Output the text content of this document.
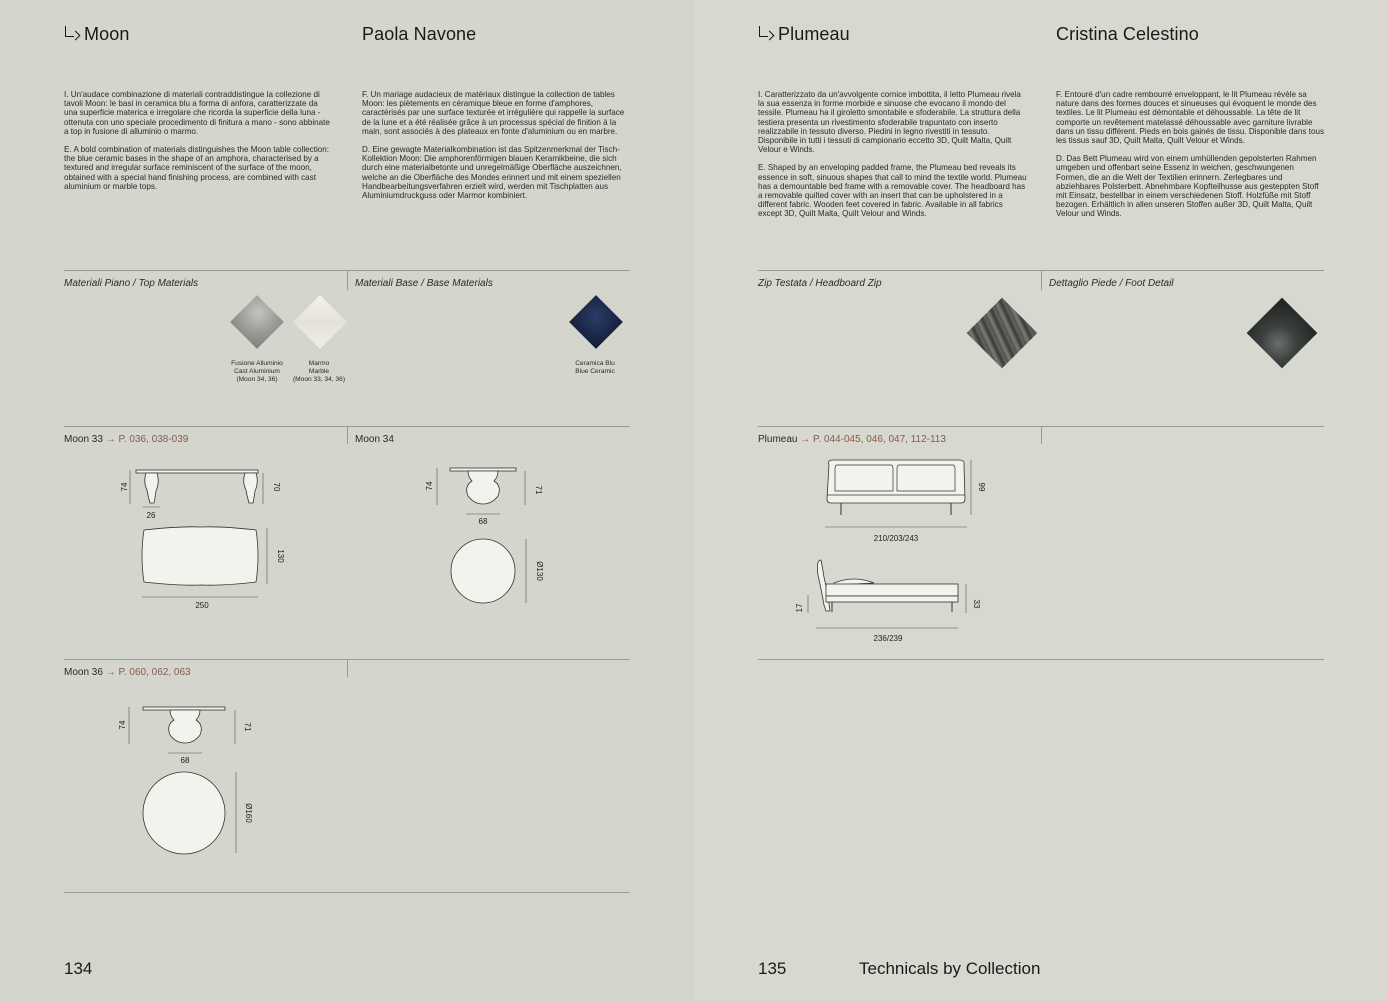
Moon	Paola Navone

I. Un'audace combinazione di materiali contraddistingue la collezione di tavoli Moon: le basi in ceramica blu a forma di anfora, caratterizzate da una superficie materica e irregolare che ricorda la superficie della luna - ottenuta con uno speciale procedimento di finitura a mano - sono abbinate a top in fusione di alluminio o marmo.

E. A bold combination of materials distinguishes the Moon table collection: the blue ceramic bases in the shape of an amphora, characterised by a textured and irregular surface reminiscent of the surface of the moon, obtained with a special hand finishing process, are combined with cast aluminium or marble tops.

F. Un mariage audacieux de matériaux distingue la collection de tables Moon: les piètements en céramique bleue en forme d'amphores, caractérisés par une surface texturée et irrégulière qui rappelle la surface de la lune et a été réalisée grâce à un processus spécial de finition à la main, sont associés à des plateaux en fonte d'aluminium ou en marbre.

D. Eine gewagte Materialkombination ist das Spitzenmerkmal der Tisch-Kollektion Moon: Die amphorenförmigen blauen Keramikbeine, die sich durch eine materialbetonte und unregelmäßige Oberfläche auszeichnen, welche an die Oberfläche des Mondes erinnert und mit einem speziellen Handbearbeitungsverfahren erzielt wird, werden mit Tischplatten aus Aluminiumdruckguss oder Marmor kombiniert.

Materiali Piano / Top Materials	Materiali Base / Base Materials
Fusione Alluminio
Cast Aluminium
(Moon 34, 36)
Marmo
Marble
(Moon 33, 34, 36)
Ceramica Blu
Blue Ceramic
Moon 33 → P. 036, 038-039	Moon 34
74	70
26
130
250
74	71
68
Ø130
Moon 36 → P. 060, 062, 063
74	71
68
Ø160
134
Plumeau	Cristina Celestino

I. Caratterizzato da un'avvolgente cornice imbottita, il letto Plumeau rivela la sua essenza in forme morbide e sinuose che evocano il mondo del tessile. Plumeau ha il giroletto smontabile e sfoderabile. La struttura della testiera presenta un rivestimento sfoderabile trapuntato con inserto realizzabile in tessuto diverso. Piedini in legno rivestiti in tessuto. Disponibile in tutti i tessuti di campionario eccetto 3D, Quilt Malta, Quilt Velour e Winds.

E. Shaped by an enveloping padded frame, the Plumeau bed reveals its essence in soft, sinuous shapes that call to mind the textile world. Plumeau has a demountable bed frame with a removable cover. The headboard has a removable quilted cover with an insert that can be upholstered in a different fabric. Wooden feet covered in fabric. Available in all fabrics except 3D, Quilt Malta, Quilt Velour and Winds.

F. Entouré d'un cadre rembourré enveloppant, le lit Plumeau révèle sa nature dans des formes douces et sinueuses qui évoquent le monde des textiles. Le lit Plumeau est démontable et déhoussable. La tête de lit comporte un revêtement matelassé déhoussable avec garniture livrable dans un tissu différent. Pieds en bois gainés de tissu. Disponible dans tous les tissus sauf 3D, Quilt Malta, Quilt Velour et Winds.

D. Das Bett Plumeau wird von einem umhüllenden gepolsterten Rahmen umgeben und offenbart seine Essenz in weichen, geschwungenen Formen, die an die Welt der Textilien erinnern. Zerlegbares und abziehbares Polsterbett. Abnehmbare Kopfteilhusse aus gesteppten Stoff mit Einsatz, bestellbar in einem verschiedenen Stoff. Holzfüße mit Stoff bezogen. Erhältlich in allen unseren Stoffen außer 3D, Quilt Malta, Quilt Velour und Winds.

Zip Testata / Headboard Zip	Dettaglio Piede / Foot Detail
Plumeau → P. 044-045, 046, 047, 112-113
99
210/203/243
17	33
236/239
135	Technicals by Collection
